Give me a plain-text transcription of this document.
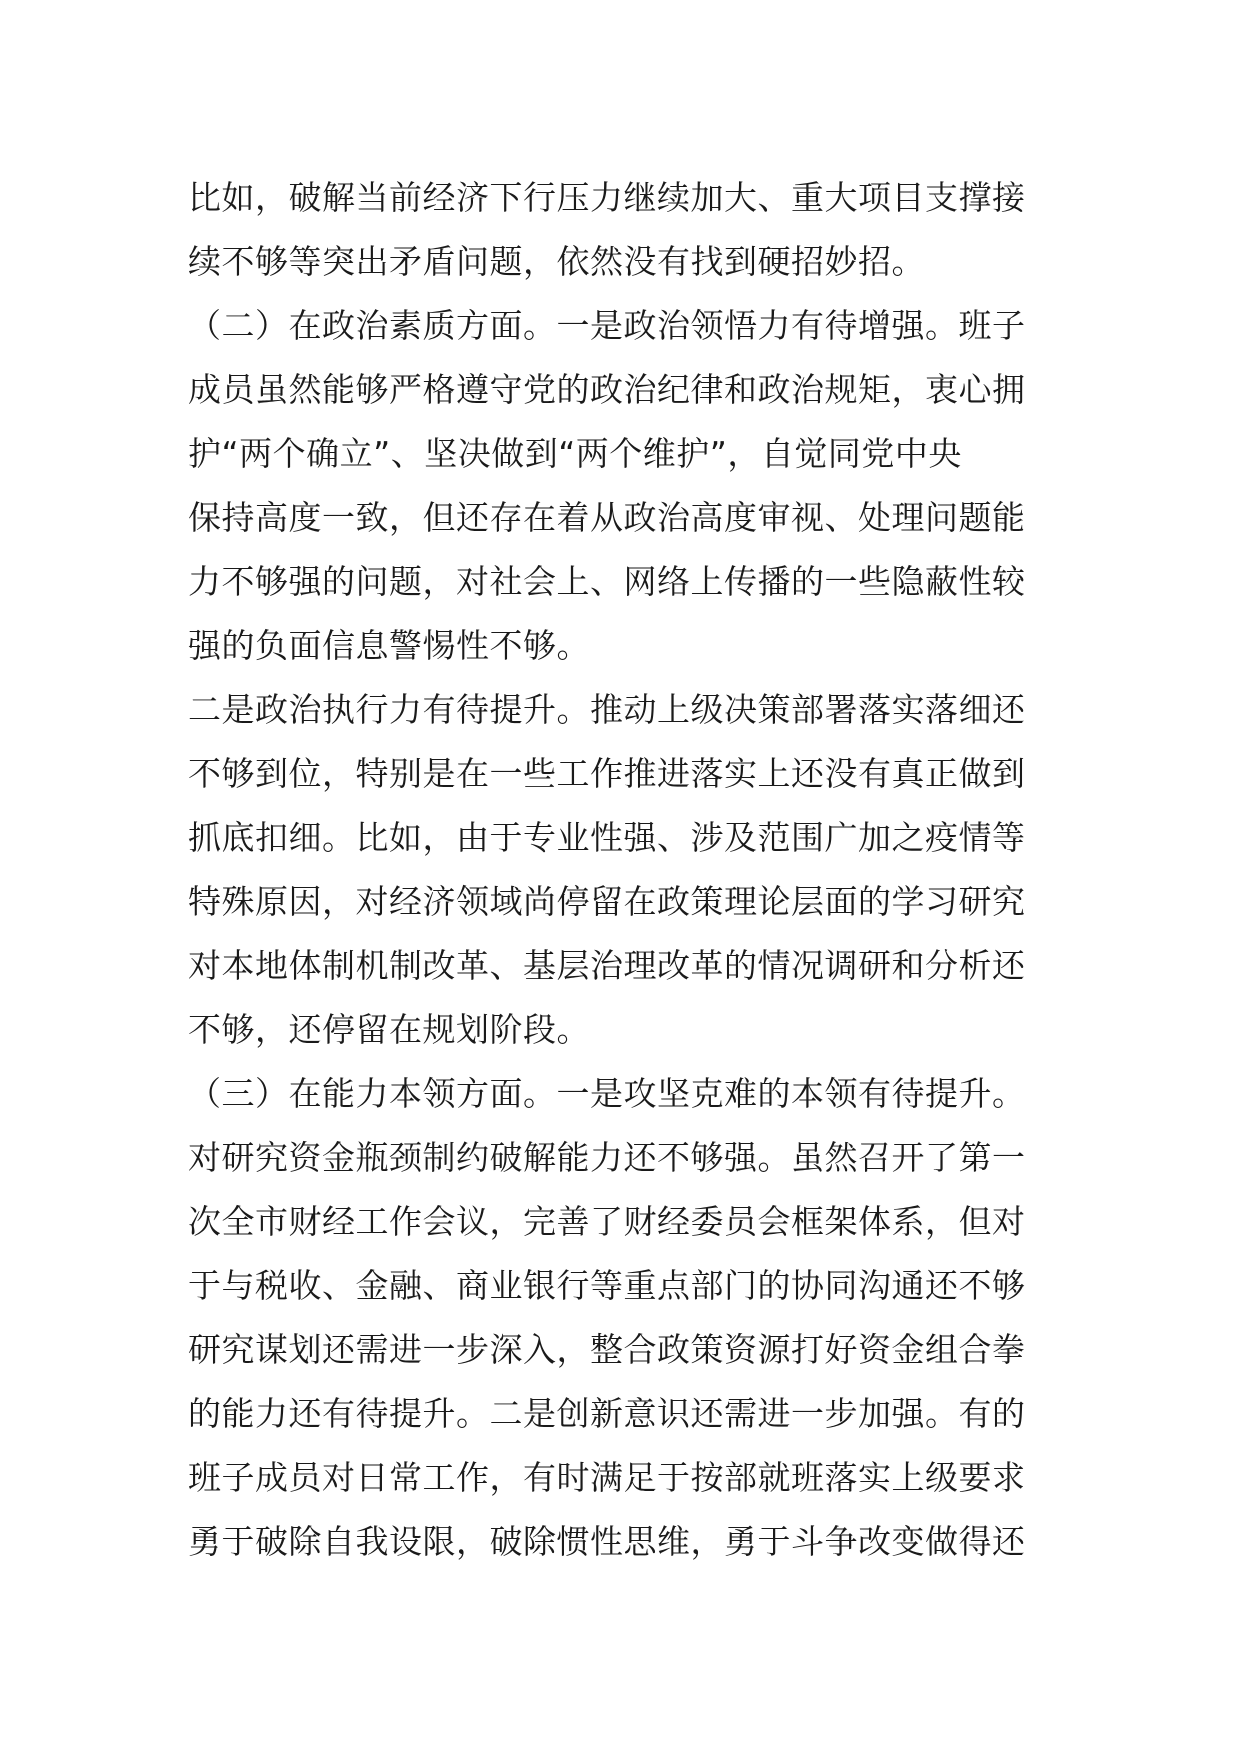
比如，破解当前经济下行压力继续加大、重大项目支撑接
续不够等突出矛盾问题，依然没有找到硬招妙招。
（二）在政治素质方面。一是政治领悟力有待增强。班子
成员虽然能够严格遵守党的政治纪律和政治规矩，衷心拥
护“两个确立”、坚决做到“两个维护”，自觉同党中央
保持高度一致，但还存在着从政治高度审视、处理问题能
力不够强的问题，对社会上、网络上传播的一些隐蔽性较
强的负面信息警惕性不够。
二是政治执行力有待提升。推动上级决策部署落实落细还
不够到位，特别是在一些工作推进落实上还没有真正做到
抓底扣细。比如，由于专业性强、涉及范围广加之疫情等
特殊原因，对经济领域尚停留在政策理论层面的学习研究
对本地体制机制改革、基层治理改革的情况调研和分析还
不够，还停留在规划阶段。
（三）在能力本领方面。一是攻坚克难的本领有待提升。
对研究资金瓶颈制约破解能力还不够强。虽然召开了第一
次全市财经工作会议，完善了财经委员会框架体系，但对
于与税收、金融、商业银行等重点部门的协同沟通还不够
研究谋划还需进一步深入，整合政策资源打好资金组合拳
的能力还有待提升。二是创新意识还需进一步加强。有的
班子成员对日常工作，有时满足于按部就班落实上级要求
勇于破除自我设限，破除惯性思维，勇于斗争改变做得还
